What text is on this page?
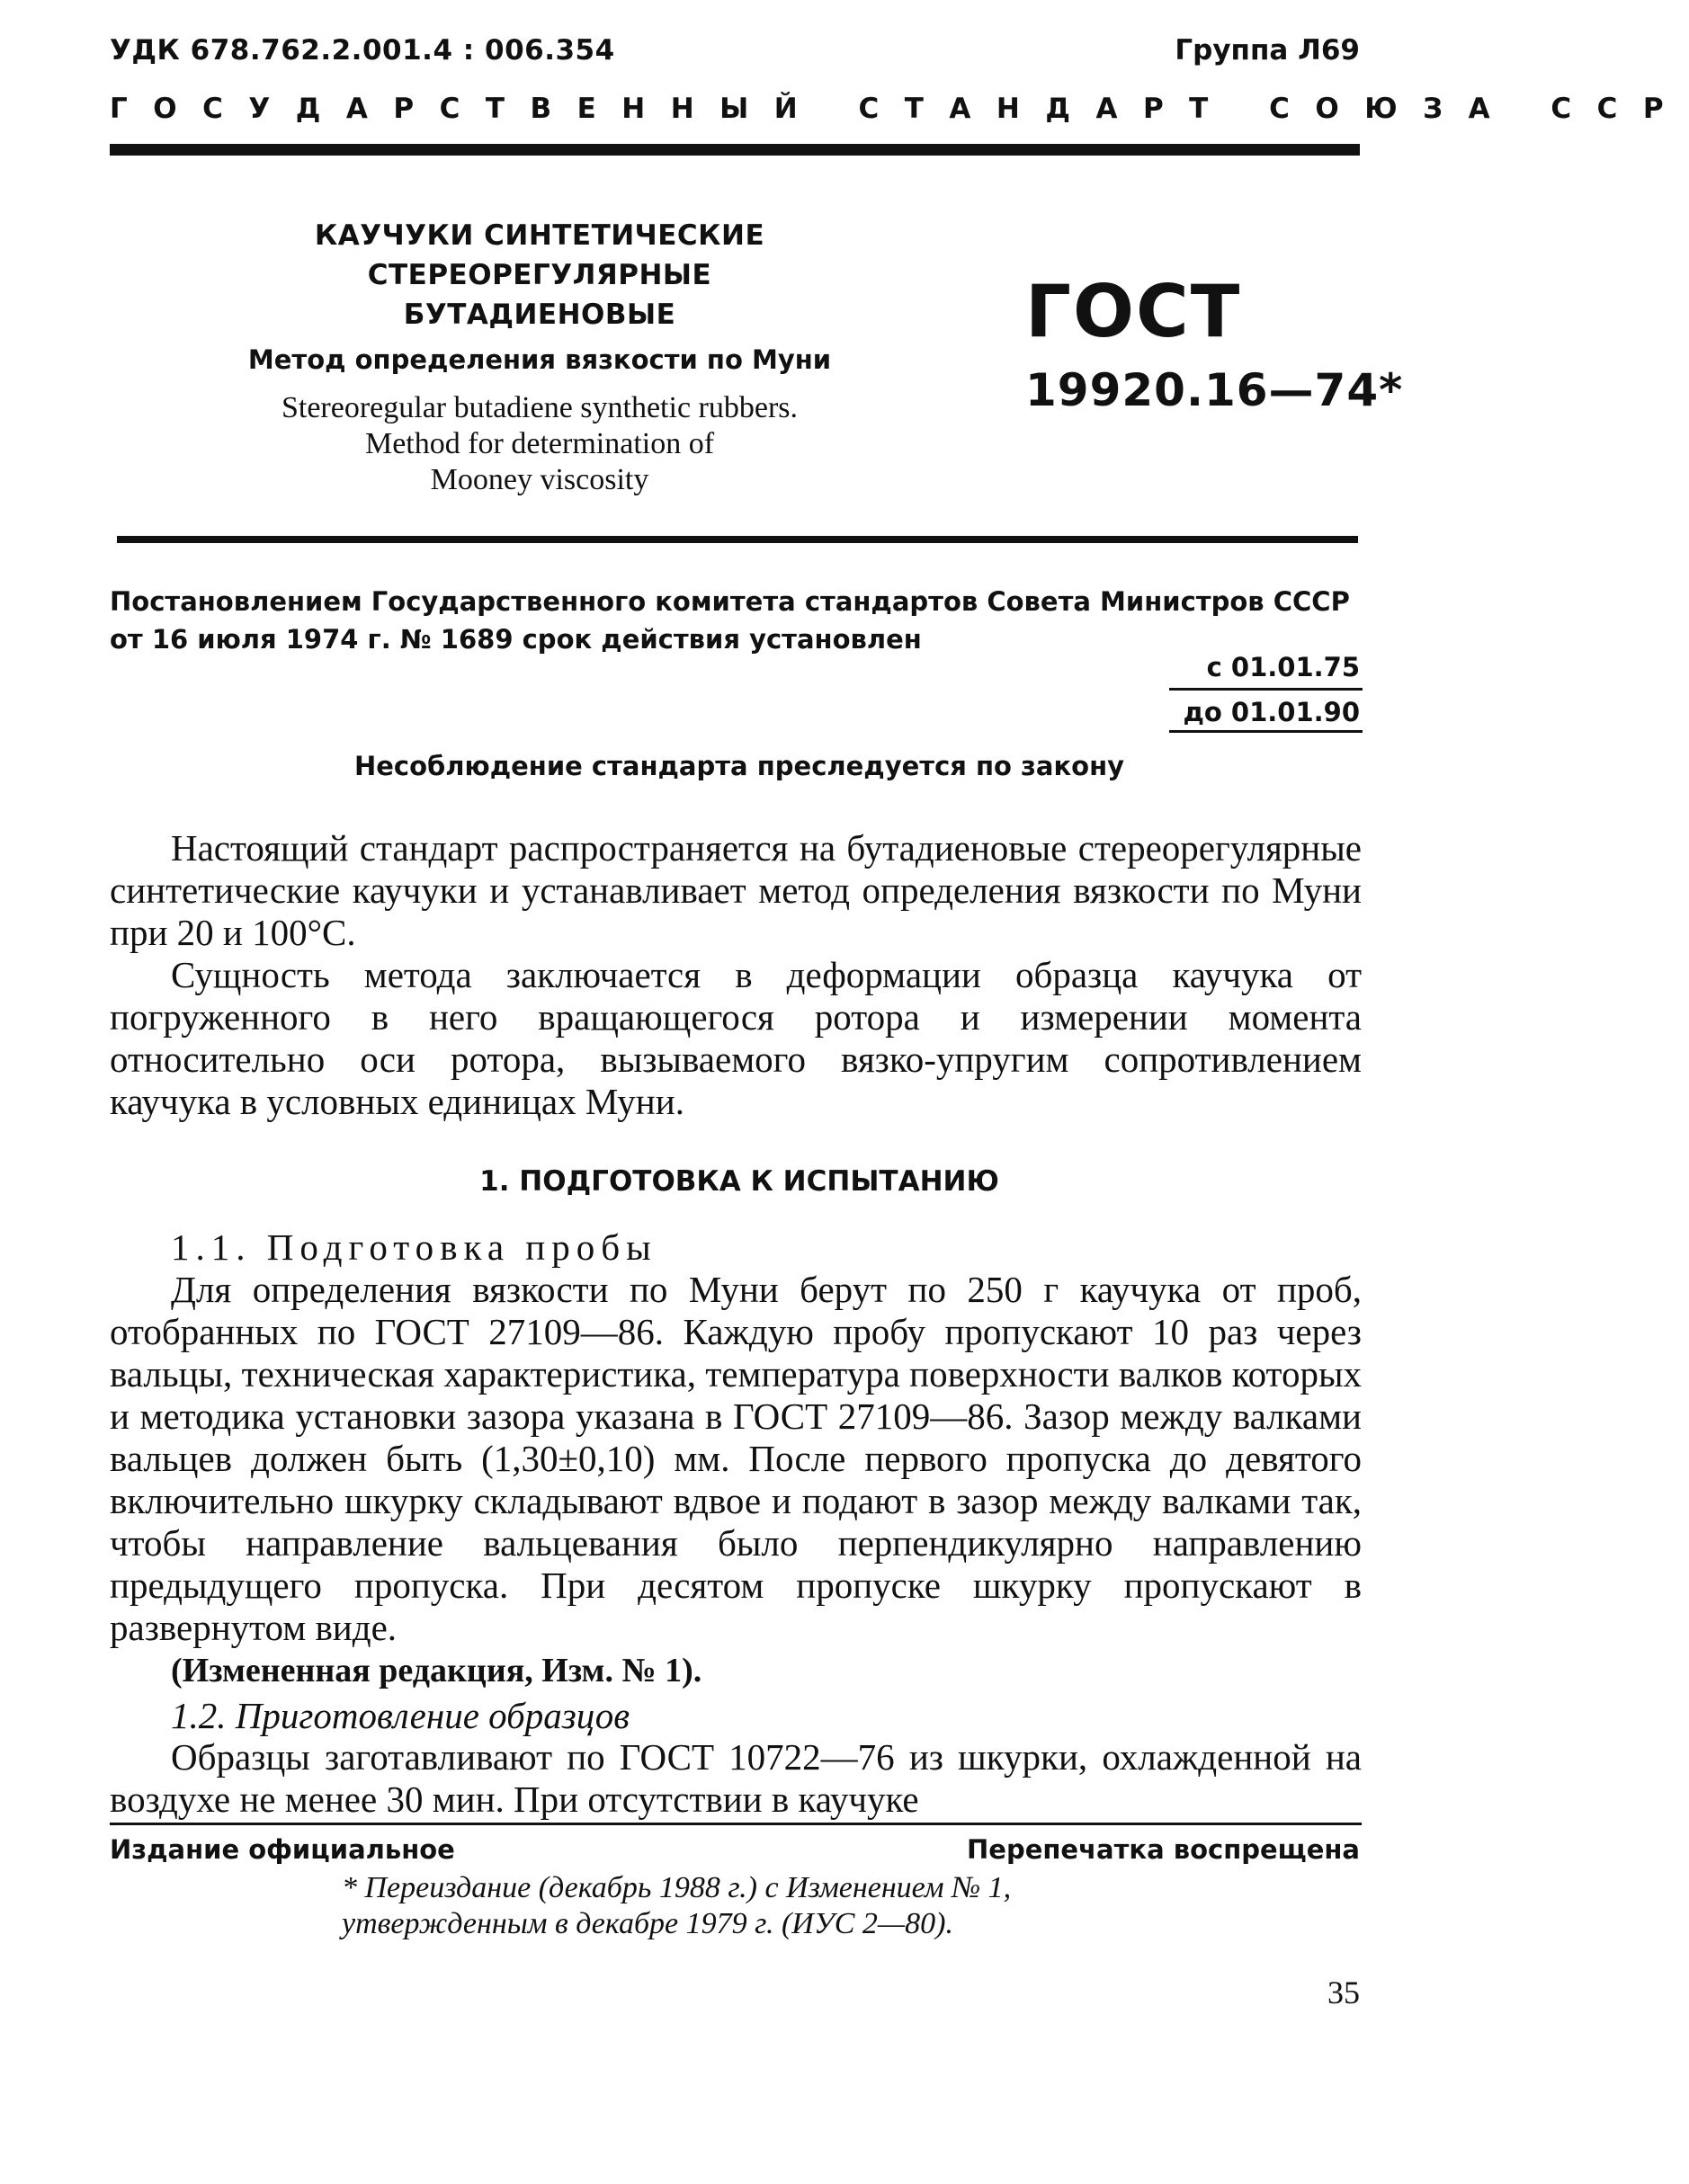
УДК 678.762.2.001.4 : 006.354	Группа Л69
ГОСУДАРСТВЕННЫЙ СТАНДАРТ СОЮЗА ССР
КАУЧУКИ СИНТЕТИЧЕСКИЕ СТЕРЕОРЕГУЛЯРНЫЕ
БУТАДИЕНОВЫЕ
Метод определения вязкости по Муни
Stereoregular butadiene synthetic rubbers.
Method for determination of
Mooney viscosity
ГОСТ
19920.16—74*
Постановлением Государственного комитета стандартов Совета Министров СССР от 16 июля 1974 г. № 1689 срок действия установлен
с 01.01.75
до 01.01.90
Несоблюдение стандарта преследуется по закону
Настоящий стандарт распространяется на бутадиеновые стереорегулярные синтетические каучуки и устанавливает метод определения вязкости по Муни при 20 и 100°С.
Сущность метода заключается в деформации образца каучука от погруженного в него вращающегося ротора и измерении момента относительно оси ротора, вызываемого вязко-упругим сопротивлением каучука в условных единицах Муни.
1. ПОДГОТОВКА К ИСПЫТАНИЮ
1.1. Подготовка пробы
Для определения вязкости по Муни берут по 250 г каучука от проб, отобранных по ГОСТ 27109—86. Каждую пробу пропускают 10 раз через вальцы, техническая характеристика, температура поверхности валков которых и методика установки зазора указана в ГОСТ 27109—86. Зазор между валками вальцев должен быть (1,30±0,10) мм. После первого пропуска до девятого включительно шкурку складывают вдвое и подают в зазор между валками так, чтобы направление вальцевания было перпендикулярно направлению предыдущего пропуска. При десятом пропуске шкурку пропускают в развернутом виде.
(Измененная редакция, Изм. № 1).
1.2. Приготовление образцов
Образцы заготавливают по ГОСТ 10722—76 из шкурки, охлажденной на воздухе не менее 30 мин. При отсутствии в каучуке
Издание официальное	Перепечатка воспрещена
* Переиздание (декабрь 1988 г.) с Изменением № 1,
утвержденным в декабре 1979 г. (ИУС 2—80).
35
